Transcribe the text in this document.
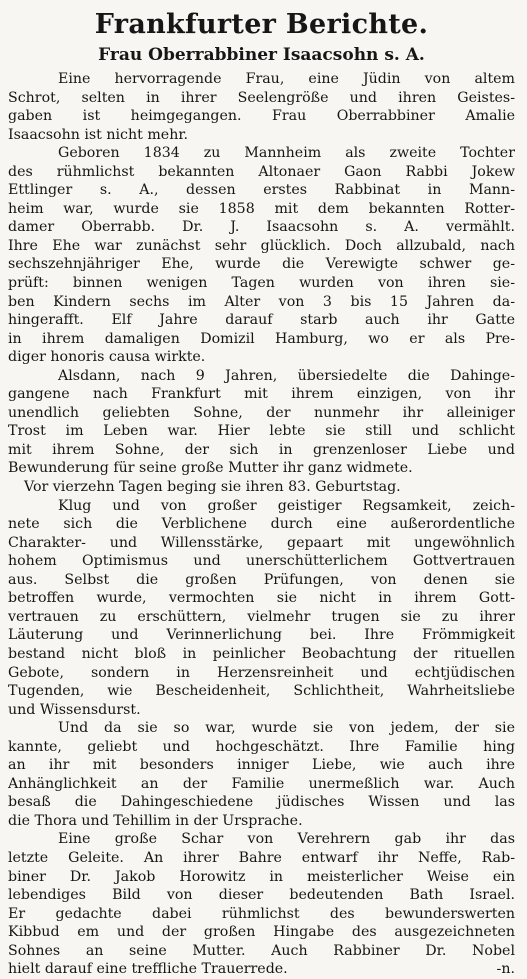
Frankfurter Berichte.
Frau Oberrabbiner Isaacsohn s. A.
Eine hervorragende Frau, eine Jüdin von altem
Schrot, selten in ihrer Seelengröße und ihren Geistes-
gaben ist heimgegangen. Frau Oberrabbiner Amalie
Isaacsohn ist nicht mehr.
Geboren 1834 zu Mannheim als zweite Tochter
des rühmlichst bekannten Altonaer Gaon Rabbi Jokew
Ettlinger s. A., dessen erstes Rabbinat in Mann-
heim war, wurde sie 1858 mit dem bekannten Rotter-
damer Oberrabb. Dr. J. Isaacsohn s. A. vermählt.
Ihre Ehe war zunächst sehr glücklich. Doch allzubald, nach
sechszehnjähriger Ehe, wurde die Verewigte schwer ge-
prüft: binnen wenigen Tagen wurden von ihren sie-
ben Kindern sechs im Alter von 3 bis 15 Jahren da-
hingerafft. Elf Jahre darauf starb auch ihr Gatte
in ihrem damaligen Domizil Hamburg, wo er als Pre-
diger honoris causa wirkte.
Alsdann, nach 9 Jahren, übersiedelte die Dahinge-
gangene nach Frankfurt mit ihrem einzigen, von ihr
unendlich geliebten Sohne, der nunmehr ihr alleiniger
Trost im Leben war. Hier lebte sie still und schlicht
mit ihrem Sohne, der sich in grenzenloser Liebe und
Bewunderung für seine große Mutter ihr ganz widmete.
Vor vierzehn Tagen beging sie ihren 83. Geburtstag.
Klug und von großer geistiger Regsamkeit, zeich-
nete sich die Verblichene durch eine außerordentliche
Charakter- und Willensstärke, gepaart mit ungewöhnlich
hohem Optimismus und unerschütterlichem Gottvertrauen
aus. Selbst die großen Prüfungen, von denen sie
betroffen wurde, vermochten sie nicht in ihrem Gott-
vertrauen zu erschüttern, vielmehr trugen sie zu ihrer
Läuterung und Verinnerlichung bei. Ihre Frömmigkeit
bestand nicht bloß in peinlicher Beobachtung der rituellen
Gebote, sondern in Herzensreinheit und echtjüdischen
Tugenden, wie Bescheidenheit, Schlichtheit, Wahrheitsliebe
und Wissensdurst.
Und da sie so war, wurde sie von jedem, der sie
kannte, geliebt und hochgeschätzt. Ihre Familie hing
an ihr mit besonders inniger Liebe, wie auch ihre
Anhänglichkeit an der Familie unermeßlich war. Auch
besaß die Dahingeschiedene jüdisches Wissen und las
die Thora und Tehillim in der Ursprache.
Eine große Schar von Verehrern gab ihr das
letzte Geleite. An ihrer Bahre entwarf ihr Neffe, Rab-
biner Dr. Jakob Horowitz in meisterlicher Weise ein
lebendiges Bild von dieser bedeutenden Bath Israel.
Er gedachte dabei rühmlichst des bewunderswerten
Kibbud em und der großen Hingabe des ausgezeichneten
Sohnes an seine Mutter. Auch Rabbiner Dr. Nobel
hielt darauf eine treffliche Trauerrede.	-n.
